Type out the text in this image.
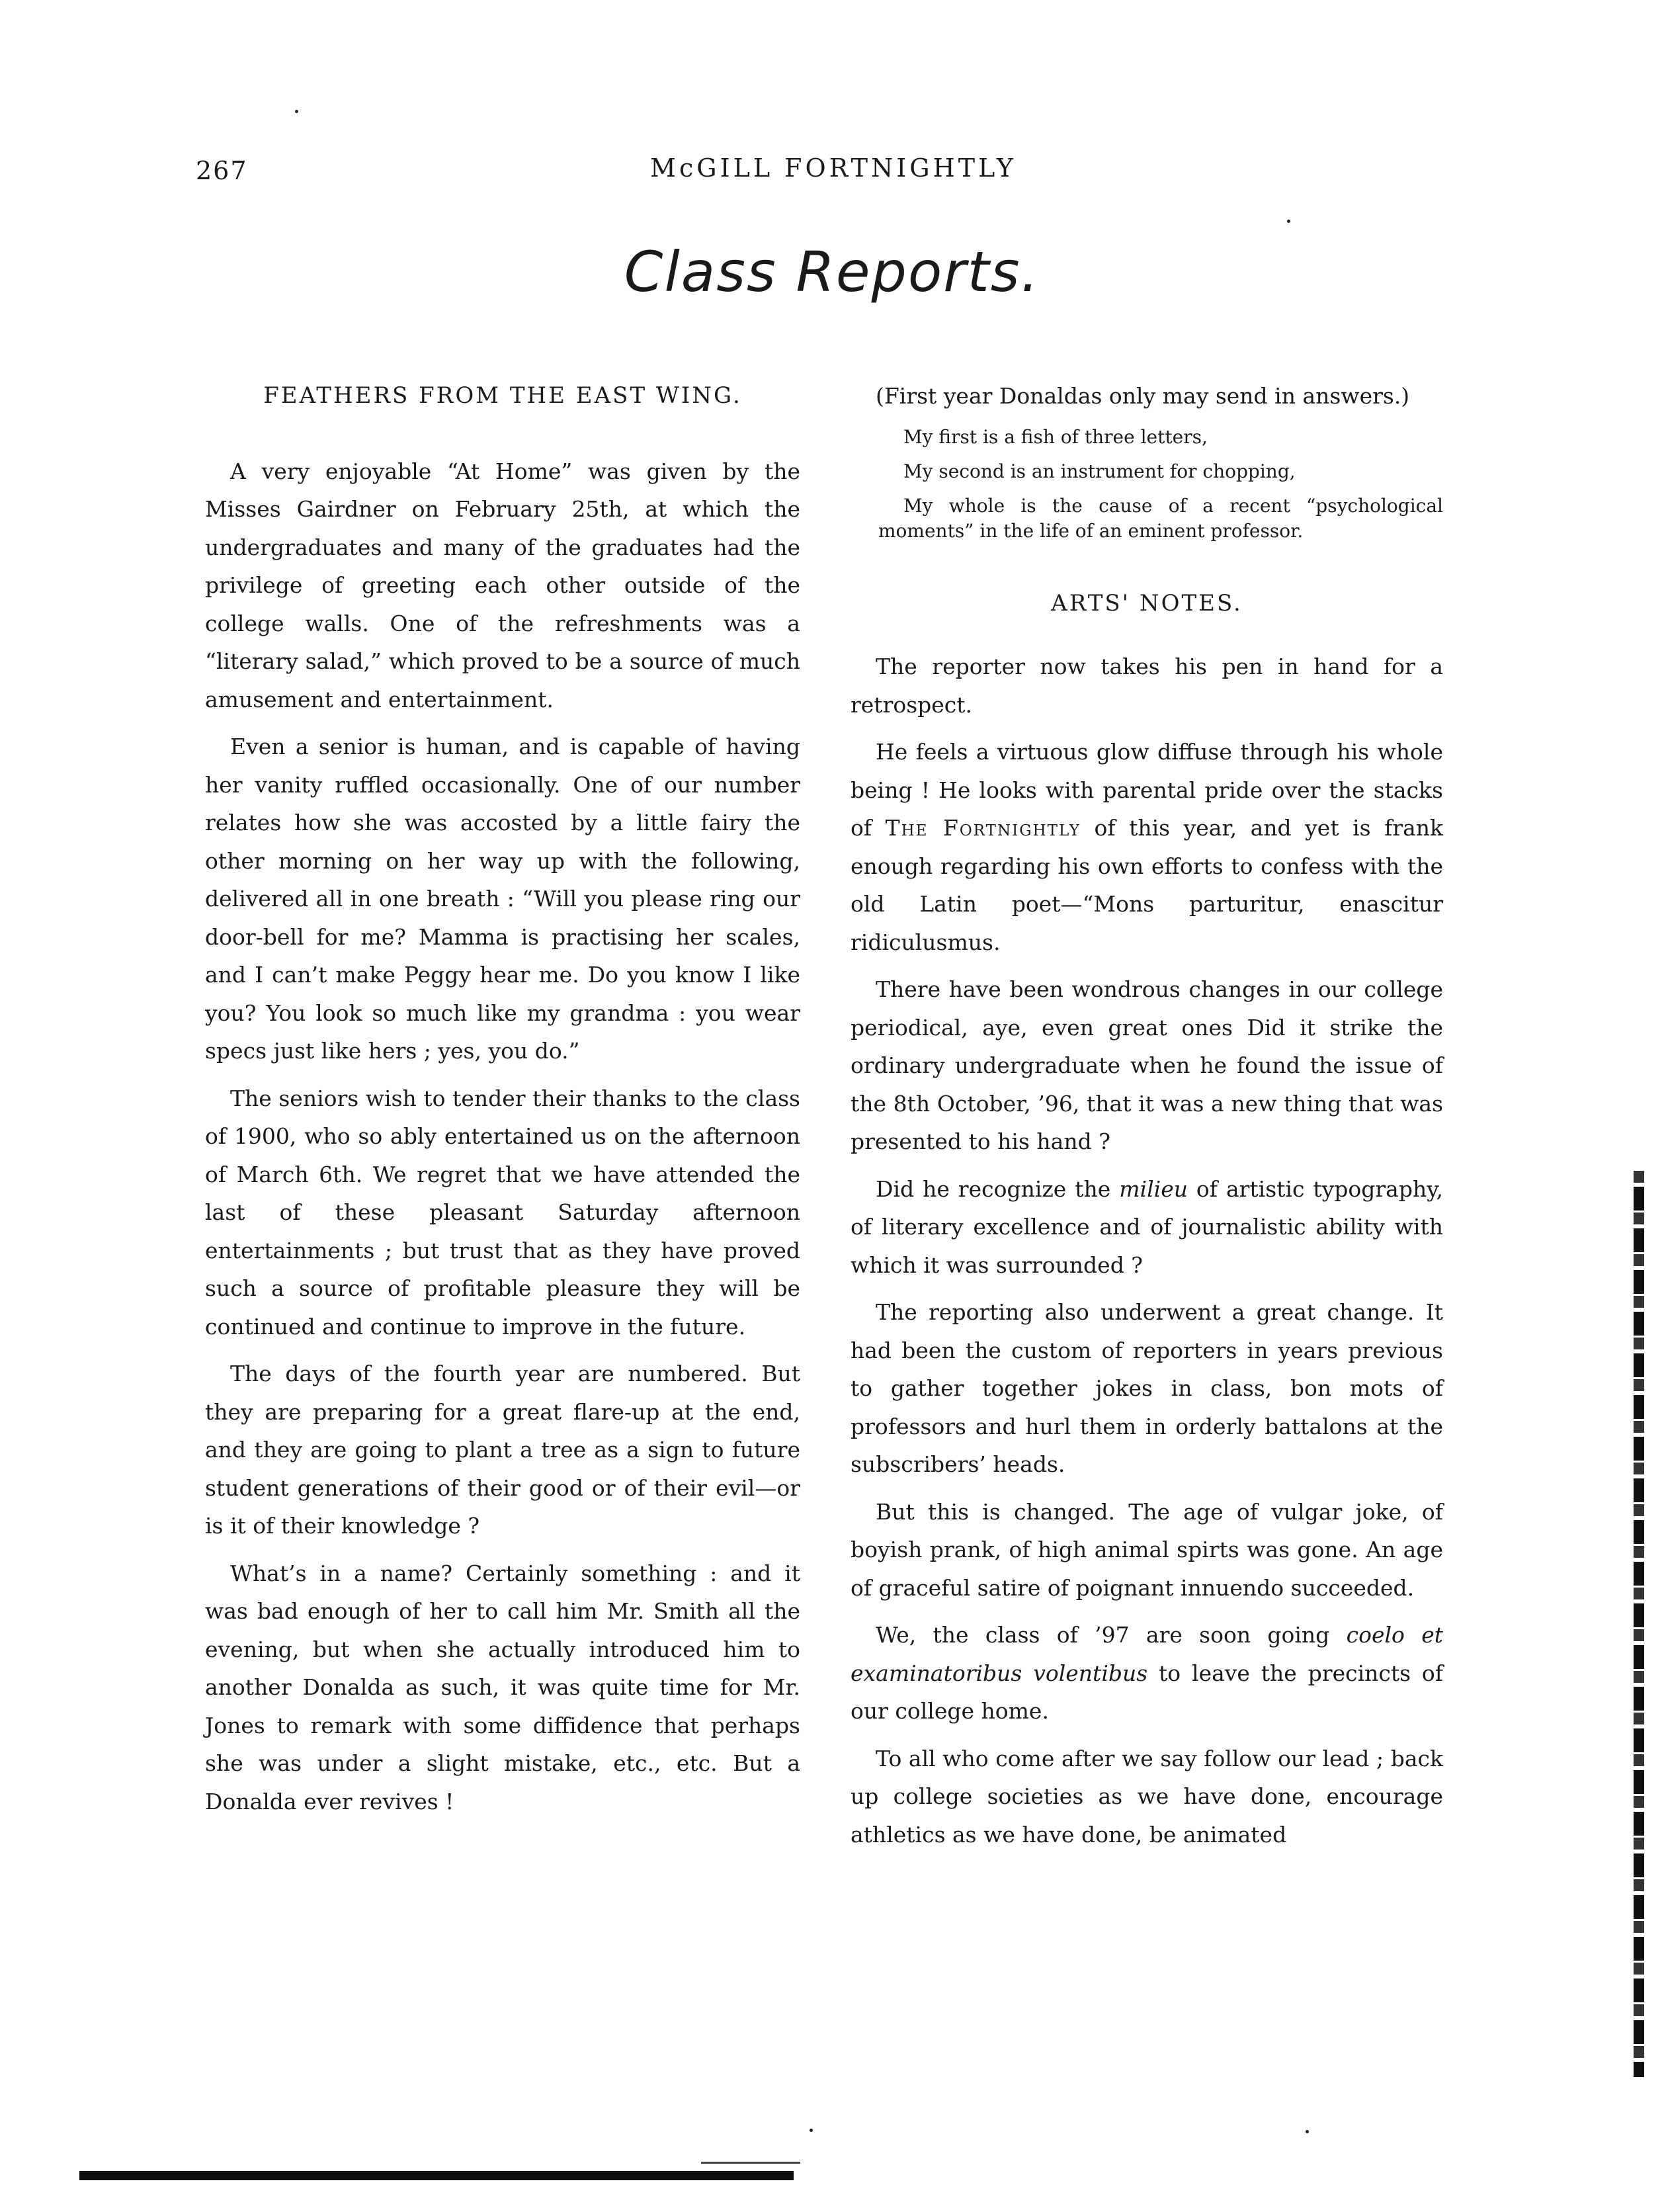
267	McGILL FORTNIGHTLY
Class Reports.
FEATHERS FROM THE EAST WING.

A very enjoyable “At Home” was given by the Misses Gairdner on February 25th, at which the undergraduates and many of the graduates had the privilege of greeting each other outside of the college walls. One of the refreshments was a “literary salad,” which proved to be a source of much amusement and entertainment.

Even a senior is human, and is capable of having her vanity ruffled occasionally. One of our number relates how she was accosted by a little fairy the other morning on her way up with the following, delivered all in one breath : “Will you please ring our door-bell for me? Mamma is practising her scales, and I can’t make Peggy hear me. Do you know I like you? You look so much like my grandma : you wear specs just like hers ; yes, you do.”

The seniors wish to tender their thanks to the class of 1900, who so ably entertained us on the afternoon of March 6th. We regret that we have attended the last of these pleasant Saturday afternoon entertainments ; but trust that as they have proved such a source of profitable pleasure they will be continued and continue to improve in the future.

The days of the fourth year are numbered. But they are preparing for a great flare-up at the end, and they are going to plant a tree as a sign to future student generations of their good or of their evil—or is it of their knowledge ?

What’s in a name? Certainly something : and it was bad enough of her to call him Mr. Smith all the evening, but when she actually introduced him to another Donalda as such, it was quite time for Mr. Jones to remark with some diffidence that perhaps she was under a slight mistake, etc., etc. But a Donalda ever revives !

(First year Donaldas only may send in answers.)

My first is a fish of three letters,

My second is an instrument for chopping,

My whole is the cause of a recent “psychological moments” in the life of an eminent professor.

ARTS' NOTES.

The reporter now takes his pen in hand for a retrospect.

He feels a virtuous glow diffuse through his whole being ! He looks with parental pride over the stacks of The Fortnightly of this year, and yet is frank enough regarding his own efforts to confess with the old Latin poet—“Mons parturitur, enascitur ridiculusmus.

There have been wondrous changes in our college periodical, aye, even great ones Did it strike the ordinary undergraduate when he found the issue of the 8th October, ’96, that it was a new thing that was presented to his hand ?

Did he recognize the milieu of artistic typography, of literary excellence and of journalistic ability with which it was surrounded ?

The reporting also underwent a great change. It had been the custom of reporters in years previous to gather together jokes in class, bon mots of professors and hurl them in orderly battalons at the subscribers’ heads.

But this is changed. The age of vulgar joke, of boyish prank, of high animal spirts was gone. An age of graceful satire of poignant innuendo succeeded.

We, the class of ’97 are soon going coelo et examinatoribus volentibus to leave the precincts of our college home.

To all who come after we say follow our lead ; back up college societies as we have done, encourage athletics as we have done, be animated
